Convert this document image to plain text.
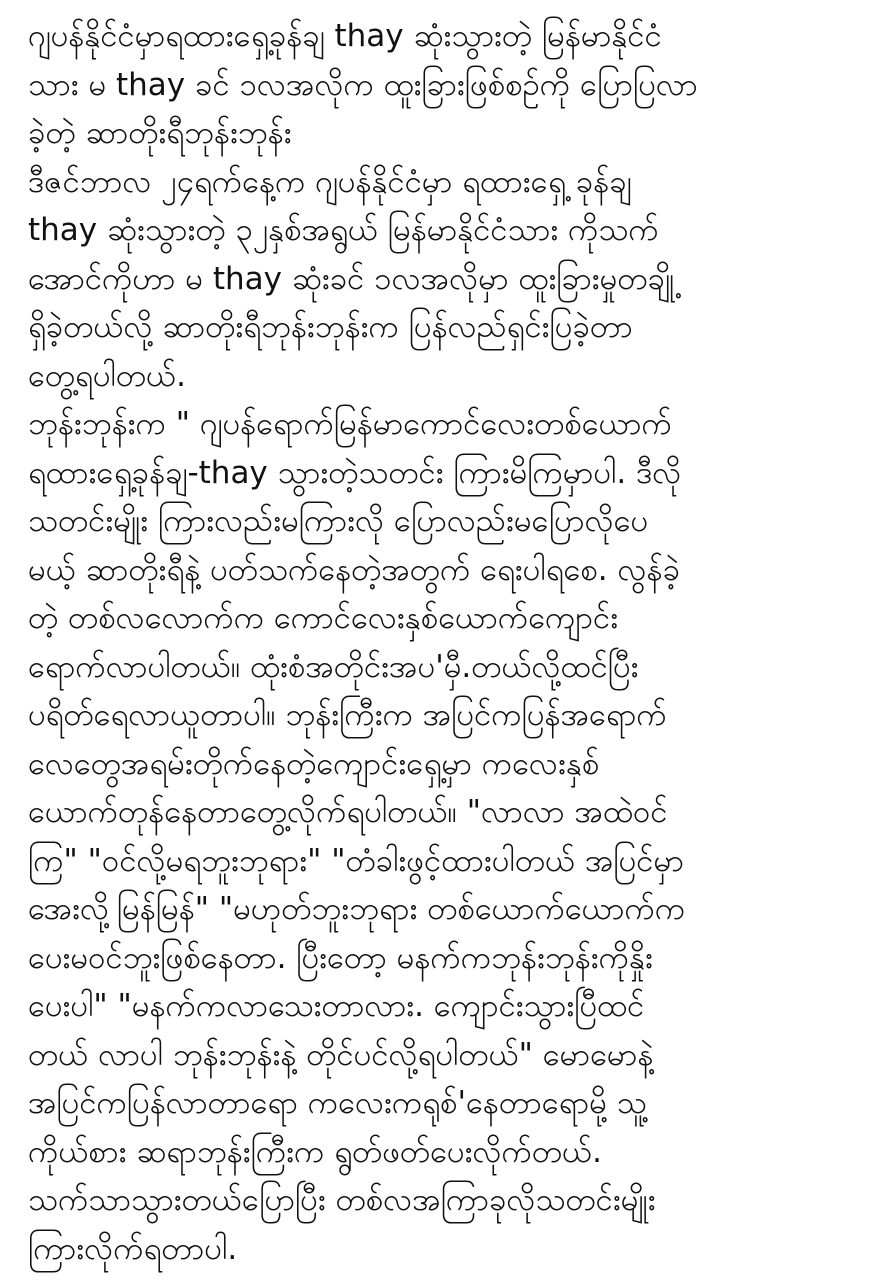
ဂျပန်နိုင်ငံမှာရထားရှေ့ခုန်ချ thay ဆုံးသွားတဲ့ မြန်မာနိုင်ငံ
သား မ thay ခင် ၁လအလိုက ထူးခြားဖြစ်စဉ်ကို ပြောပြလာ
ခဲ့တဲ့ ဆာတိုးရီဘုန်းဘုန်း
ဒီဇင်ဘာလ ၂၄ရက်နေ့က ဂျပန်နိုင်ငံမှာ ရထားရှေ့ ခုန်ချ
thay ဆုံးသွားတဲ့ ၃၂နှစ်အရွယ် မြန်မာနိုင်ငံသား ကိုသက်
အောင်ကိုဟာ မ thay ဆုံးခင် ၁လအလိုမှာ ထူးခြားမှုတချို့
ရှိခဲ့တယ်လို့ ဆာတိုးရီဘုန်းဘုန်းက ပြန်လည်ရှင်းပြခဲ့တာ
တွေ့ရပါတယ်.
ဘုန်းဘုန်းက " ဂျပန်ရောက်မြန်မာကောင်လေးတစ်ယောက်
ရထားရှေ့ခုန်ချ-thay သွားတဲ့သတင်း ကြားမိကြမှာပါ. ဒီလို
သတင်းမျိုး ကြားလည်းမကြားလို ပြောလည်းမပြောလိုပေ
မယ့် ဆာတိုးရီနဲ့ ပတ်သက်နေတဲ့အတွက် ရေးပါရစေ. လွန်ခဲ့
တဲ့ တစ်လလောက်က ကောင်လေးနှစ်ယောက်ကျောင်း
ရောက်လာပါတယ်။ ထုံးစံအတိုင်းအပ'မှီ.တယ်လို့ထင်ပြီး
ပရိတ်ရေလာယူတာပါ။ ဘုန်းကြီးက အပြင်ကပြန်အရောက်
လေတွေအရမ်းတိုက်နေတဲ့ကျောင်းရှေ့မှာ ကလေးနှစ်
ယောက်တုန်နေတာတွေ့လိုက်ရပါတယ်။ "လာလာ အထဲဝင်
ကြ" "ဝင်လို့မရဘူးဘုရား" "တံခါးဖွင့်ထားပါတယ် အပြင်မှာ
အေးလို့မြန်မြန်" "မဟုတ်ဘူးဘုရား တစ်ယောက်ယောက်က
ပေးမဝင်ဘူးဖြစ်နေတာ. ပြီးတော့ မနက်ကဘုန်းဘုန်းကိုနှိုး
ပေးပါ" "မနက်ကလာသေးတာလား. ကျောင်းသွားပြီထင်
တယ် လာပါ ဘုန်းဘုန်းနဲ့ တိုင်ပင်လို့ရပါတယ်" မောမောနဲ့
အပြင်ကပြန်လာတာရော ကလေးကရုစ်'နေတာရောမို့ သူ့
ကိုယ်စား ဆရာဘုန်းကြီးက ရွတ်ဖတ်ပေးလိုက်တယ်.
သက်သာသွားတယ်ပြောပြီး တစ်လအကြာခုလိုသတင်းမျိုး
ကြားလိုက်ရတာပါ.
